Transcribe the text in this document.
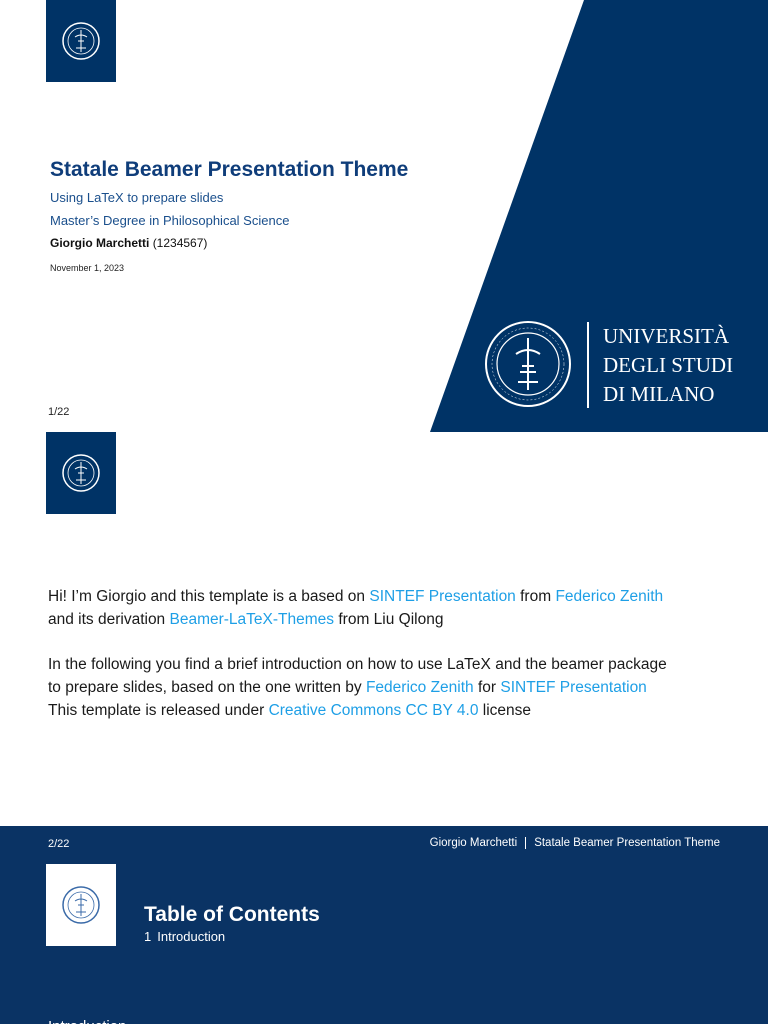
Statale Beamer Presentation Theme
Using LaTeX to prepare slides
Master’s Degree in Philosophical Science
Giorgio Marchetti (1234567)
November 1, 2023
1/22
UNIVERSITÀ
DEGLI STUDI
DI MILANO
Hi! I’m Giorgio and this template is a based on SINTEF Presentation from Federico Zenith
and its derivation Beamer-LaTeX-Themes from Liu Qilong
In the following you find a brief introduction on how to use LaTeX and the beamer package
to prepare slides, based on the one written by Federico Zenith for SINTEF Presentation
This template is released under Creative Commons CC BY 4.0 license
2/22	Giorgio Marchetti Statale Beamer Presentation Theme
Table of Contents
1 Introduction
Introduction
